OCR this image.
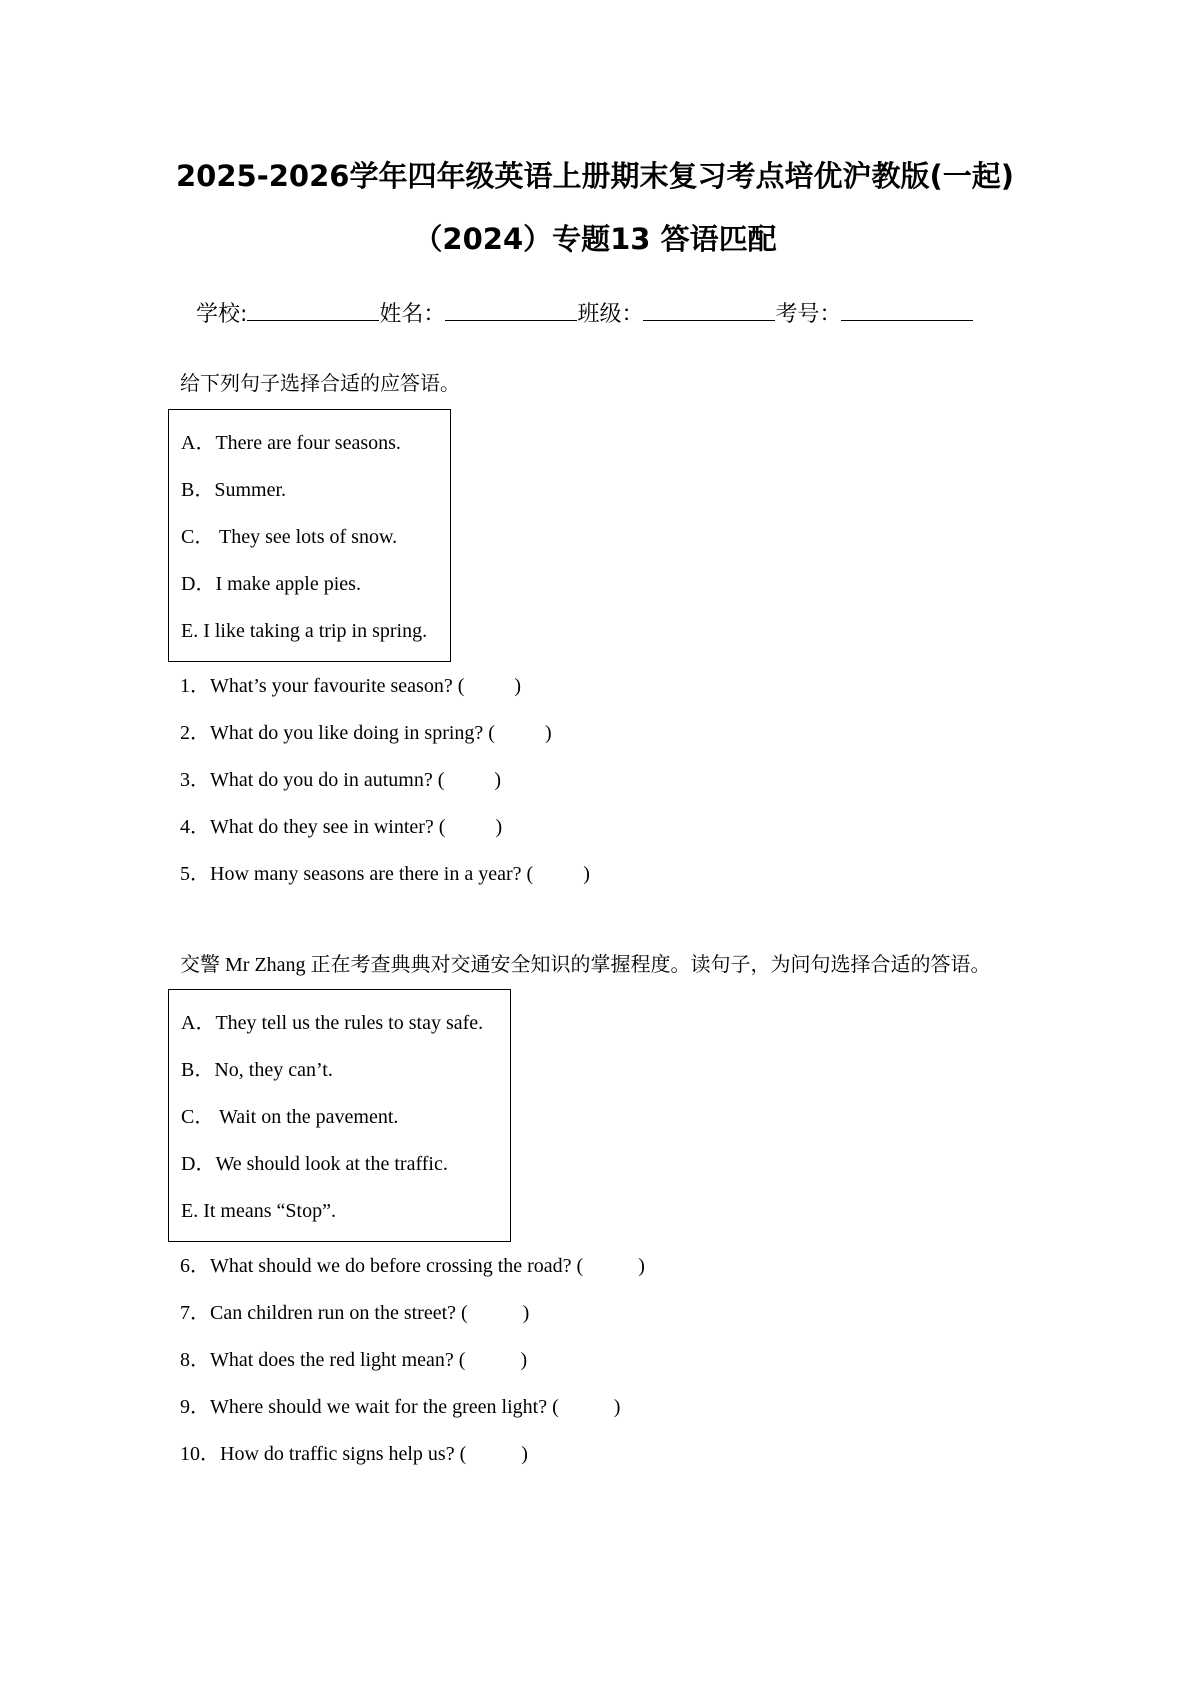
2025-2026学年四年级英语上册期末复习考点培优沪教版(一起)
（2024）专题13 答语匹配
学校:	姓名：	班级：	考号：
给下列句子选择合适的应答语。
A．There are four seasons.
B．Summer.
C． They see lots of snow.
D．I make apple pies.
E. I like taking a trip in spring.
1．What’s your favourite season? (          )
2．What do you like doing in spring? (          )
3．What do you do in autumn? (          )
4．What do they see in winter? (          )
5．How many seasons are there in a year? (          )
交警 Mr Zhang 正在考查典典对交通安全知识的掌握程度。读句子，为问句选择合适的答语。
A．They tell us the rules to stay safe.
B．No, they can’t.
C． Wait on the pavement.
D．We should look at the traffic.
E. It means “Stop”.
6．What should we do before crossing the road? (           )
7．Can children run on the street? (           )
8．What does the red light mean? (           )
9．Where should we wait for the green light? (           )
10．How do traffic signs help us? (           )
